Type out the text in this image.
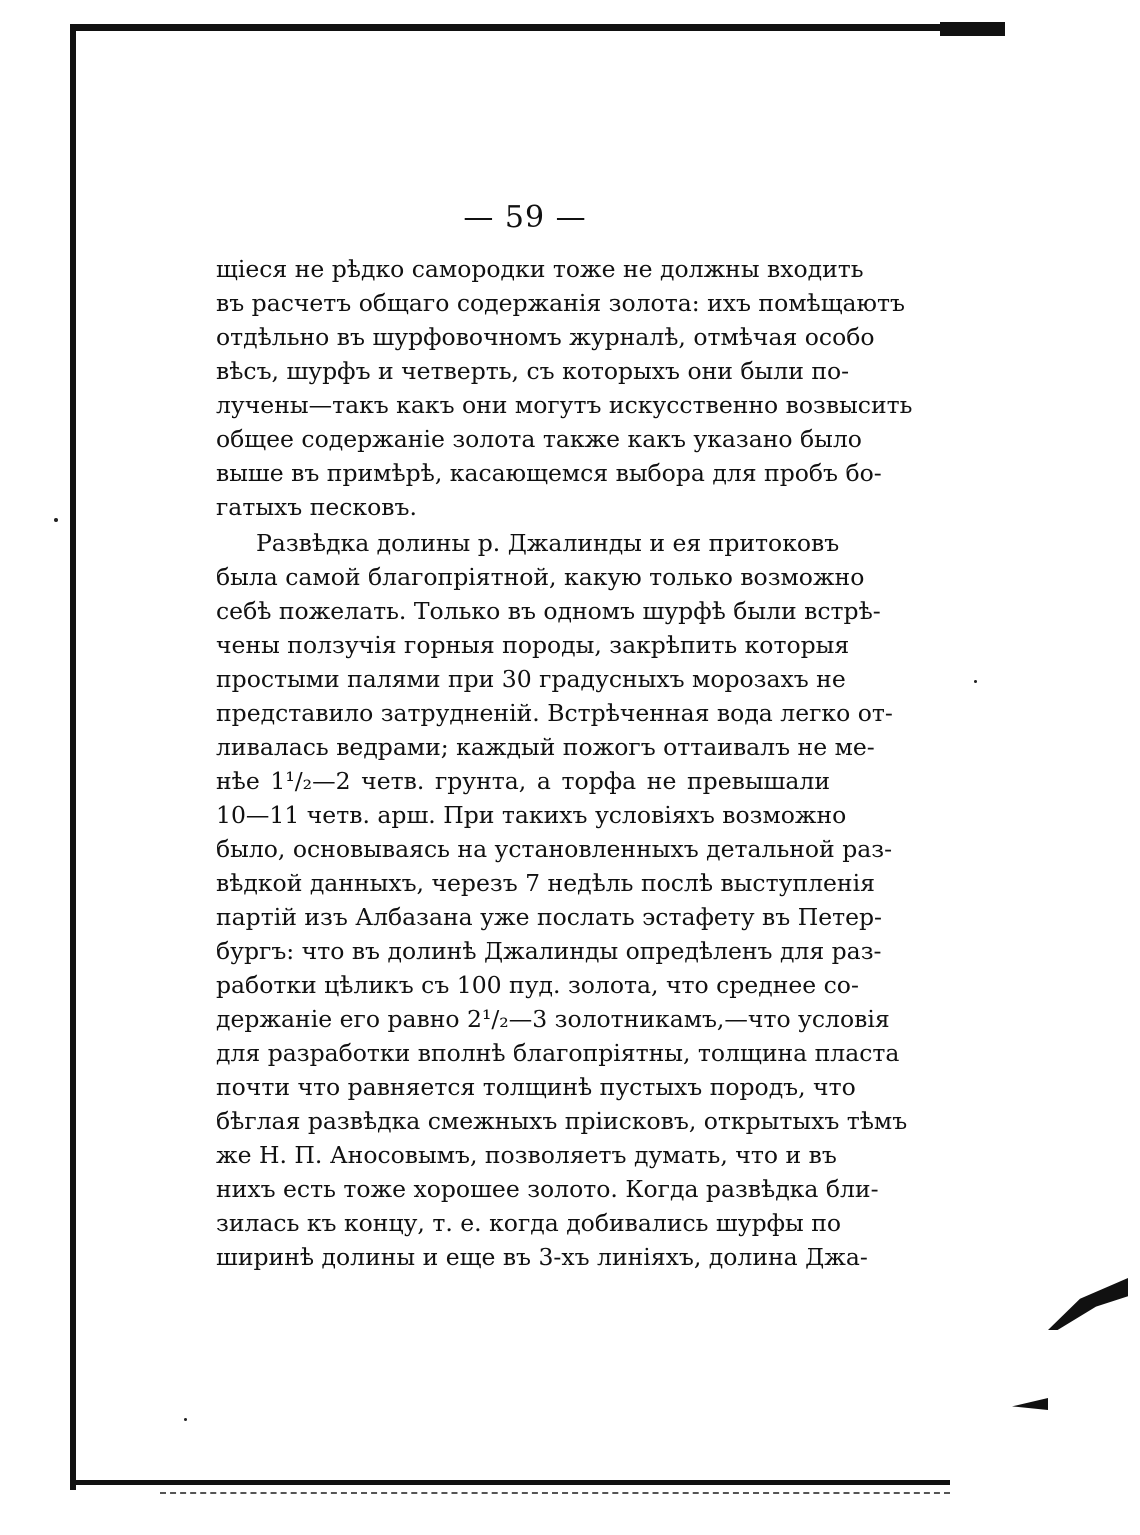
— 59 —
щіеся не рѣдко самородки тоже не должны входить
въ расчетъ общаго содержанія золота: ихъ помѣщаютъ
отдѣльно въ шурфовочномъ журналѣ, отмѣчая особо
вѣсъ, шурфъ и четверть, съ которыхъ они были по-
лучены—такъ какъ они могутъ искусственно возвысить
общее содержаніе золота также какъ указано было
выше въ примѣрѣ, касающемся выбора для пробъ бо-
гатыхъ песковъ.
Развѣдка долины р. Джалинды и ея притоковъ
была самой благопріятной, какую только возможно
себѣ пожелать. Только въ одномъ шурфѣ были встрѣ-
чены ползучія горныя породы, закрѣпить которыя
простыми палями при 30 градусныхъ морозахъ не
представило затрудненій. Встрѣченная вода легко от-
ливалась ведрами; каждый пожогъ оттаивалъ не ме-
нѣе 1¹/₂—2 четв. грунта, а торфа не превышали
10—11 четв. арш. При такихъ условіяхъ возможно
было, основываясь на установленныхъ детальной раз-
вѣдкой данныхъ, черезъ 7 недѣль послѣ выступленія
партій изъ Албазана уже послать эстафету въ Петер-
бургъ: что въ долинѣ Джалинды опредѣленъ для раз-
работки цѣликъ съ 100 пуд. золота, что среднее со-
держаніе его равно 2¹/₂—3 золотникамъ,—что условія
для разработки вполнѣ благопріятны, толщина пласта
почти что равняется толщинѣ пустыхъ породъ, что
бѣглая развѣдка смежныхъ пріисковъ, открытыхъ тѣмъ
же Н. П. Аносовымъ, позволяетъ думать, что и въ
нихъ есть тоже хорошее золото. Когда развѣдка бли-
зилась къ концу, т. е. когда добивались шурфы по
ширинѣ долины и еще въ 3-хъ линіяхъ, долина Джа-
